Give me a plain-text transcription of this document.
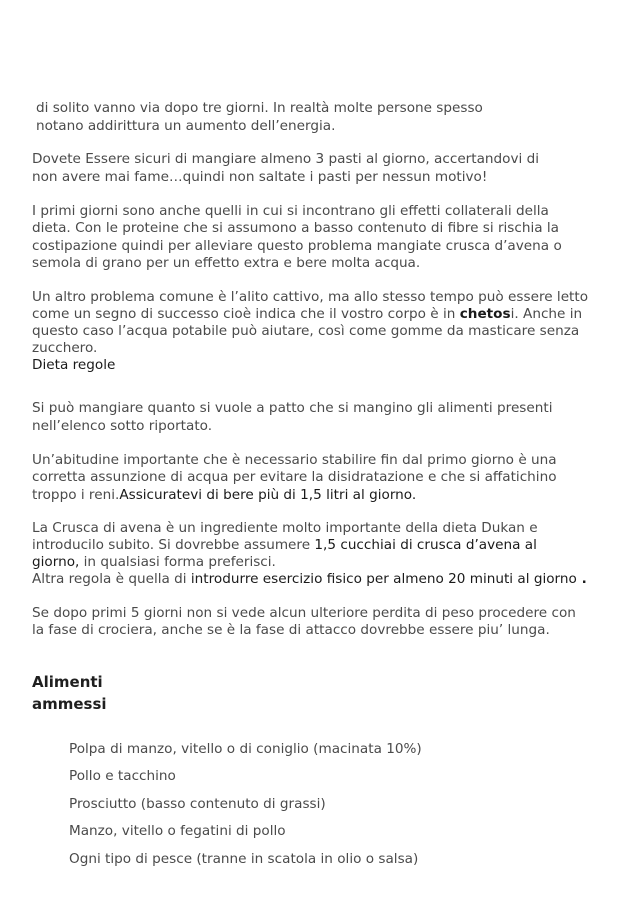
di solito vanno via dopo tre giorni. In realtà molte persone spesso
notano addirittura un aumento dell’energia.
Dovete Essere sicuri di mangiare almeno 3 pasti al giorno, accertandovi di
non avere mai fame…quindi non saltate i pasti per nessun motivo!
I primi giorni sono anche quelli in cui si incontrano gli effetti collaterali della
dieta. Con le proteine che si assumono a basso contenuto di fibre si rischia la
costipazione quindi per alleviare questo problema mangiate crusca d’avena o
semola di grano per un effetto extra e bere molta acqua.
Un altro problema comune è l’alito cattivo, ma allo stesso tempo può essere letto
come un segno di successo cioè indica che il vostro corpo è in chetosi. Anche in
questo caso l’acqua potabile può aiutare, così come gomme da masticare senza
zucchero.
Dieta regole
Si può mangiare quanto si vuole a patto che si mangino gli alimenti presenti
nell’elenco sotto riportato.
Un’abitudine importante che è necessario stabilire fin dal primo giorno è una
corretta assunzione di acqua per evitare la disidratazione e che si affatichino
troppo i reni.Assicuratevi di bere più di 1,5 litri al giorno.
La Crusca di avena è un ingrediente molto importante della dieta Dukan e
introducilo subito. Si dovrebbe assumere 1,5 cucchiai di crusca d’avena al
giorno, in qualsiasi forma preferisci.
Altra regola è quella di introdurre esercizio fisico per almeno 20 minuti al giorno .
Se dopo primi 5 giorni non si vede alcun ulteriore perdita di peso procedere con
la fase di crociera, anche se è la fase di attacco dovrebbe essere piu’ lunga.
Alimenti
ammessi
Polpa di manzo, vitello o di coniglio (macinata 10%)
Pollo e tacchino
Prosciutto (basso contenuto di grassi)
Manzo, vitello o fegatini di pollo
Ogni tipo di pesce (tranne in scatola in olio o salsa)
